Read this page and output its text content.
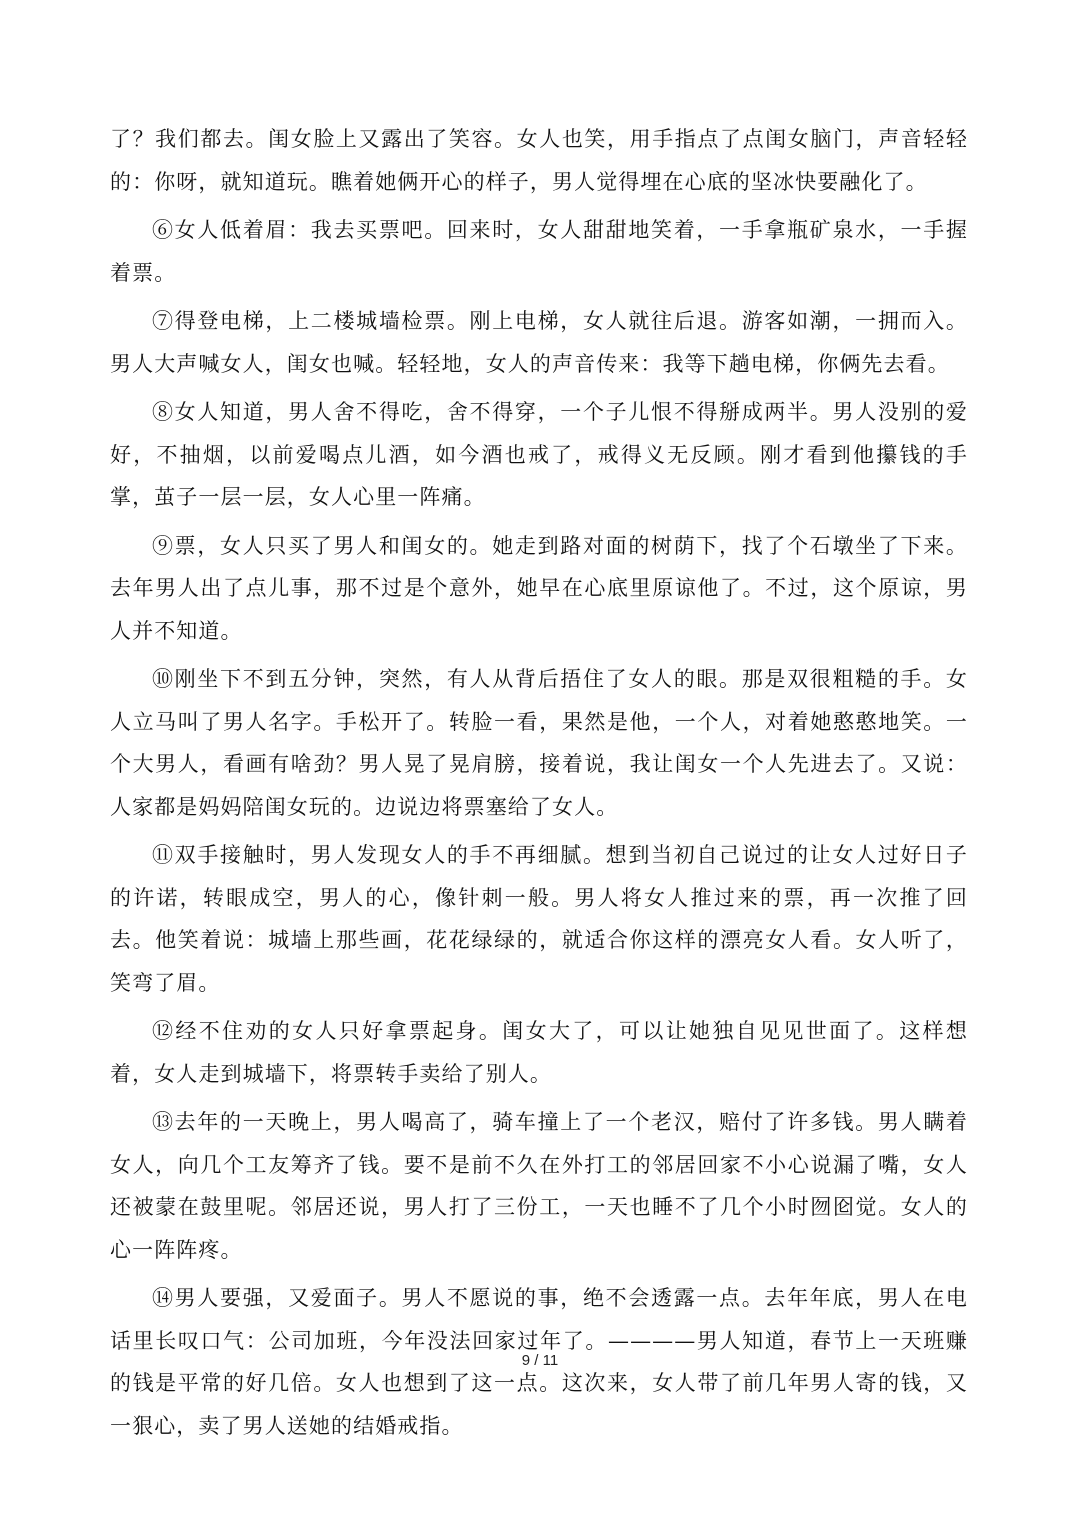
了？我们都去。闺女脸上又露出了笑容。女人也笑，用手指点了点闺女脑门，声音轻轻的：你呀，就知道玩。瞧着她俩开心的样子，男人觉得埋在心底的坚冰快要融化了。

⑥女人低着眉：我去买票吧。回来时，女人甜甜地笑着，一手拿瓶矿泉水，一手握着票。

⑦得登电梯，上二楼城墙检票。刚上电梯，女人就往后退。游客如潮，一拥而入。男人大声喊女人，闺女也喊。轻轻地，女人的声音传来：我等下趟电梯，你俩先去看。

⑧女人知道，男人舍不得吃，舍不得穿，一个子儿恨不得掰成两半。男人没别的爱好，不抽烟，以前爱喝点儿酒，如今酒也戒了，戒得义无反顾。刚才看到他攥钱的手掌，茧子一层一层，女人心里一阵痛。

⑨票，女人只买了男人和闺女的。她走到路对面的树荫下，找了个石墩坐了下来。去年男人出了点儿事，那不过是个意外，她早在心底里原谅他了。不过，这个原谅，男人并不知道。

⑩刚坐下不到五分钟，突然，有人从背后捂住了女人的眼。那是双很粗糙的手。女人立马叫了男人名字。手松开了。转脸一看，果然是他，一个人，对着她憨憨地笑。一个大男人，看画有啥劲？男人晃了晃肩膀，接着说，我让闺女一个人先进去了。又说：人家都是妈妈陪闺女玩的。边说边将票塞给了女人。

⑪双手接触时，男人发现女人的手不再细腻。想到当初自己说过的让女人过好日子的许诺，转眼成空，男人的心，像针刺一般。男人将女人推过来的票，再一次推了回去。他笑着说：城墙上那些画，花花绿绿的，就适合你这样的漂亮女人看。女人听了，笑弯了眉。

⑫经不住劝的女人只好拿票起身。闺女大了，可以让她独自见见世面了。这样想着，女人走到城墙下，将票转手卖给了别人。

⑬去年的一天晚上，男人喝高了，骑车撞上了一个老汉，赔付了许多钱。男人瞒着女人，向几个工友筹齐了钱。要不是前不久在外打工的邻居回家不小心说漏了嘴，女人还被蒙在鼓里呢。邻居还说，男人打了三份工，一天也睡不了几个小时囫囵觉。女人的心一阵阵疼。

⑭男人要强，又爱面子。男人不愿说的事，绝不会透露一点。去年年底，男人在电话里长叹口气：公司加班，今年没法回家过年了。————男人知道，春节上一天班赚的钱是平常的好几倍。女人也想到了这一点。这次来，女人带了前几年男人寄的钱，又一狠心，卖了男人送她的结婚戒指。

9 / 11
